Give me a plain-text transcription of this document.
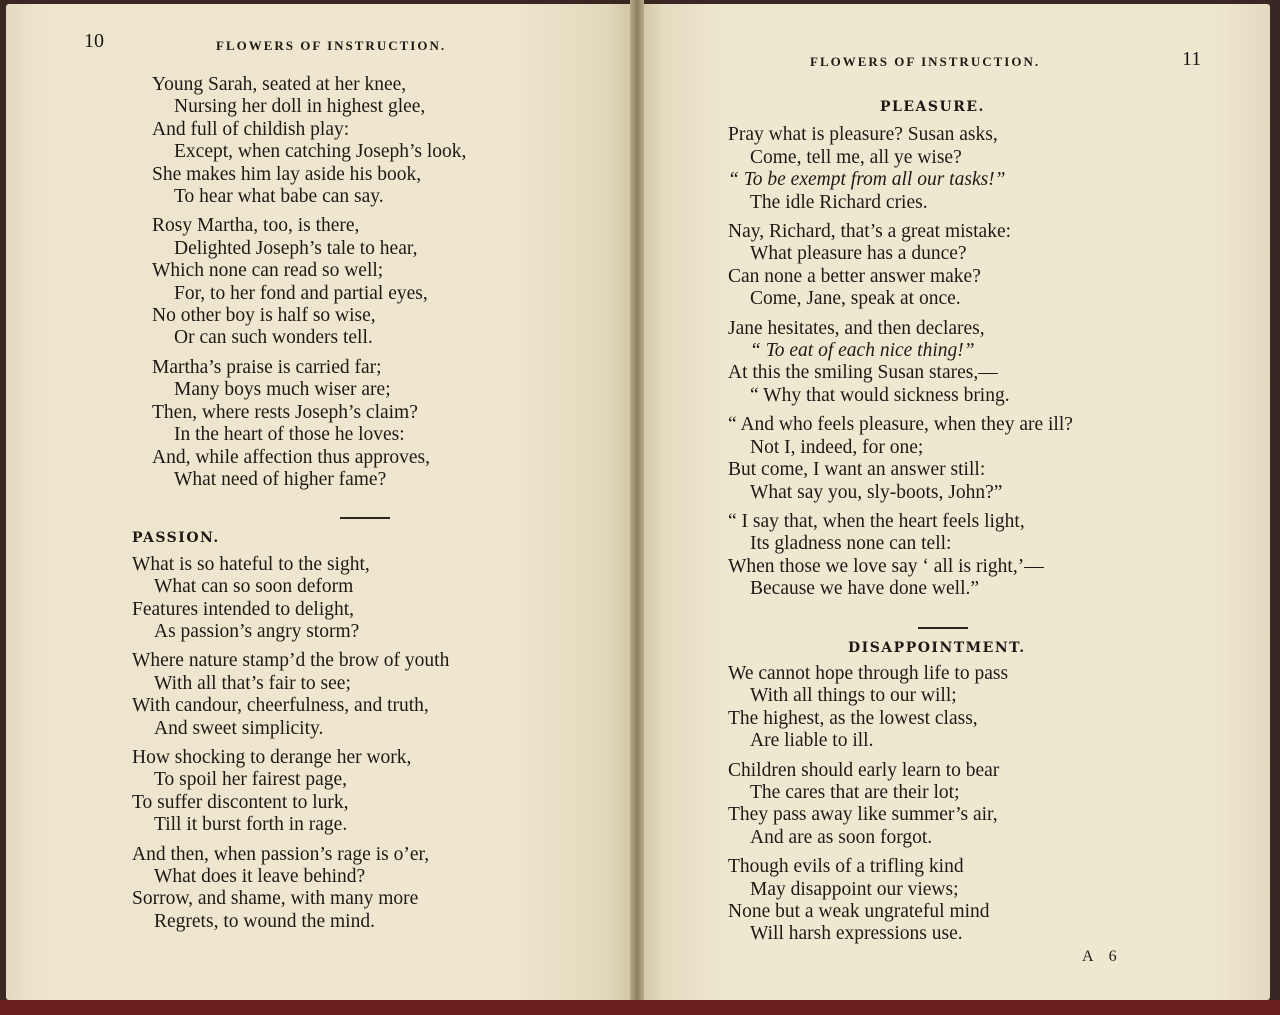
10	FLOWERS OF INSTRUCTION.
Young Sarah, seated at her knee,
Nursing her doll in highest glee,
And full of childish play:
Except, when catching Joseph’s look,
She makes him lay aside his book,
To hear what babe can say.
Rosy Martha, too, is there,
Delighted Joseph’s tale to hear,
Which none can read so well;
For, to her fond and partial eyes,
No other boy is half so wise,
Or can such wonders tell.
Martha’s praise is carried far;
Many boys much wiser are;
Then, where rests Joseph’s claim?
In the heart of those he loves:
And, while affection thus approves,
What need of higher fame?
PASSION.
What is so hateful to the sight,
What can so soon deform
Features intended to delight,
As passion’s angry storm?
Where nature stamp’d the brow of youth
With all that’s fair to see;
With candour, cheerfulness, and truth,
And sweet simplicity.
How shocking to derange her work,
To spoil her fairest page,
To suffer discontent to lurk,
Till it burst forth in rage.
And then, when passion’s rage is o’er,
What does it leave behind?
Sorrow, and shame, with many more
Regrets, to wound the mind.
FLOWERS OF INSTRUCTION.	11
PLEASURE.
Pray what is pleasure? Susan asks,
Come, tell me, all ye wise?
“ To be exempt from all our tasks!”
The idle Richard cries.
Nay, Richard, that’s a great mistake:
What pleasure has a dunce?
Can none a better answer make?
Come, Jane, speak at once.
Jane hesitates, and then declares,
“ To eat of each nice thing!”
At this the smiling Susan stares,—
“ Why that would sickness bring.
“ And who feels pleasure, when they are ill?
Not I, indeed, for one;
But come, I want an answer still:
What say you, sly-boots, John?”
“ I say that, when the heart feels light,
Its gladness none can tell:
When those we love say ‘ all is right,’—
Because we have done well.”
DISAPPOINTMENT.
We cannot hope through life to pass
With all things to our will;
The highest, as the lowest class,
Are liable to ill.
Children should early learn to bear
The cares that are their lot;
They pass away like summer’s air,
And are as soon forgot.
Though evils of a trifling kind
May disappoint our views;
None but a weak ungrateful mind
Will harsh expressions use.
A 6
